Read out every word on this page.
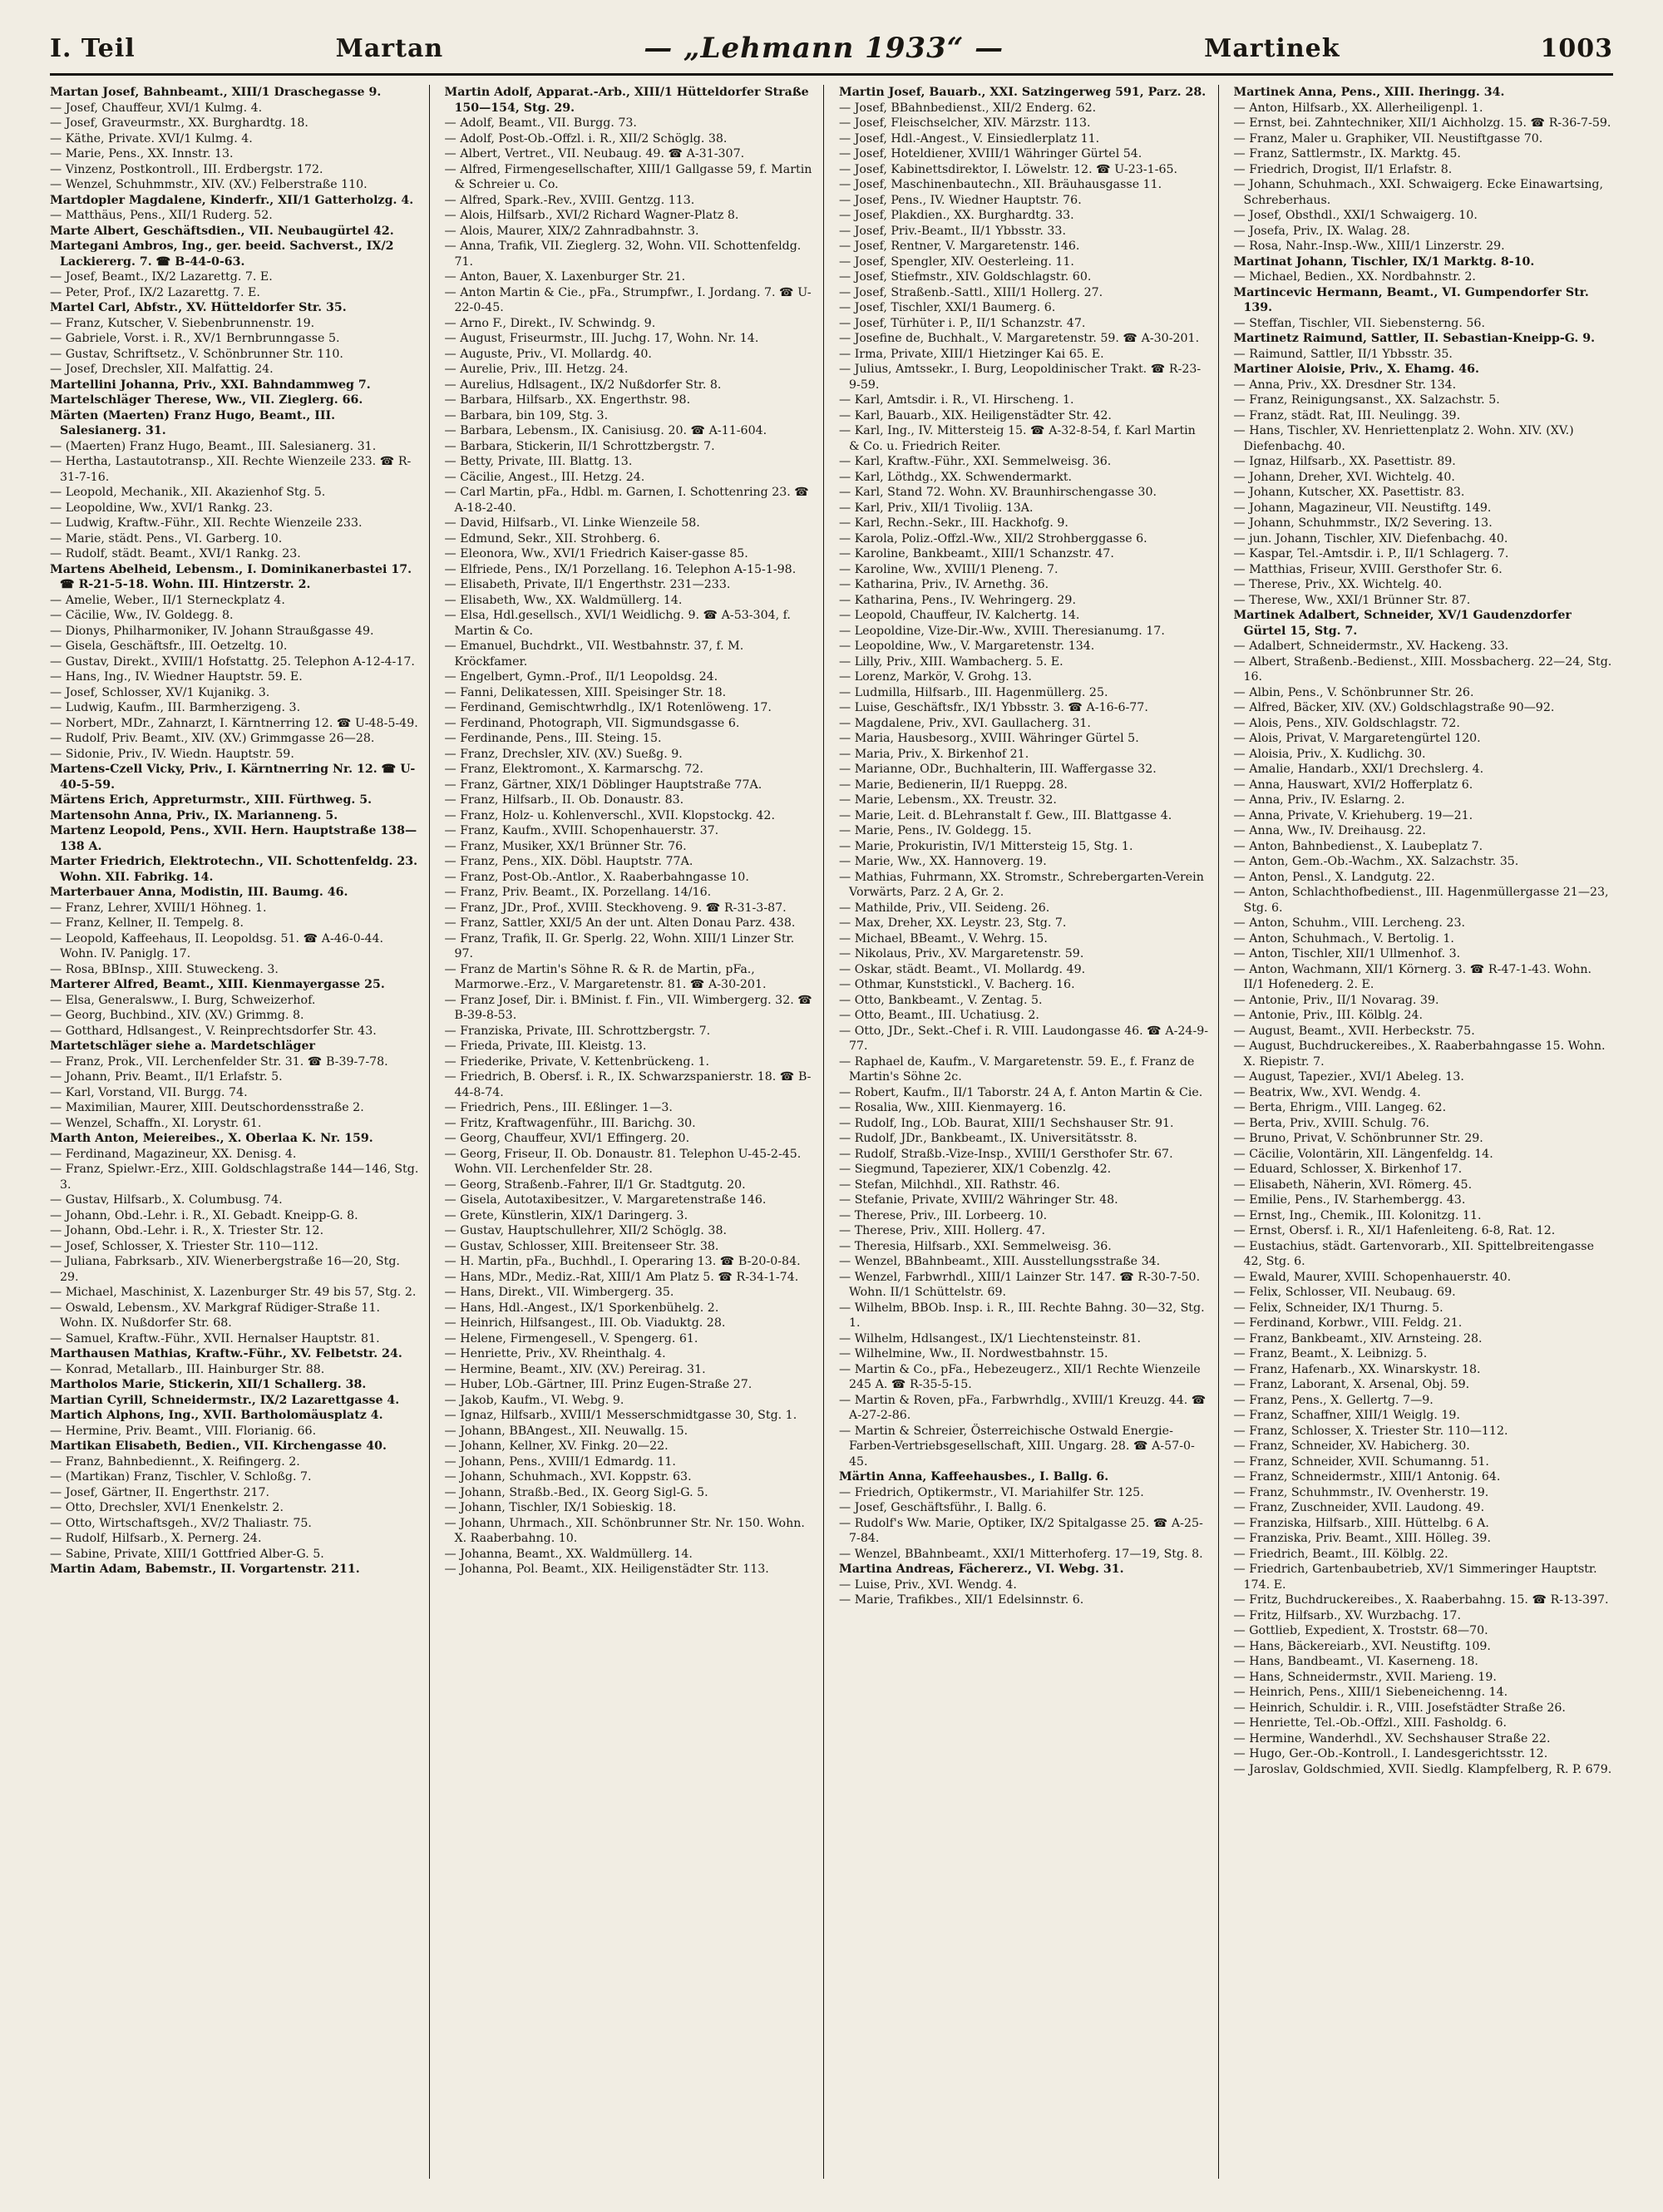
I. Teil	Martan	— „Lehmann 1933“ —	Martinek	1003

Martan Josef, Bahnbeamt., XIII/1 Draschegasse 9.

— Josef, Chauffeur, XVI/1 Kulmg. 4.

— Josef, Graveurmstr., XX. Burghardtg. 18.

— Käthe, Private. XVI/1 Kulmg. 4.

— Marie, Pens., XX. Innstr. 13.

— Vinzenz, Postkontroll., III. Erdbergstr. 172.

— Wenzel, Schuhmmstr., XIV. (XV.) Felberstraße 110.

Martdopler Magdalene, Kinderfr., XII/1 Gatterholzg. 4.

— Matthäus, Pens., XII/1 Ruderg. 52.

Marte Albert, Geschäftsdien., VII. Neubaugürtel 42.

Martegani Ambros, Ing., ger. beeid. Sachverst., IX/2 Lackiererg. 7. ☎ B-44-0-63.

— Josef, Beamt., IX/2 Lazarettg. 7. E.

— Peter, Prof., IX/2 Lazarettg. 7. E.

Martel Carl, Abfstr., XV. Hütteldorfer Str. 35.

— Franz, Kutscher, V. Siebenbrunnenstr. 19.

— Gabriele, Vorst. i. R., XV/1 Bernbrunngasse 5.

— Gustav, Schriftsetz., V. Schönbrunner Str. 110.

— Josef, Drechsler, XII. Malfattig. 24.

Martellini Johanna, Priv., XXI. Bahndammweg 7.

Martelschläger Therese, Ww., VII. Zieglerg. 66.

Märten (Maerten) Franz Hugo, Beamt., III. Salesianerg. 31.

— (Maerten) Franz Hugo, Beamt., III. Salesianerg. 31.

— Hertha, Lastautotransp., XII. Rechte Wienzeile 233. ☎ R-31-7-16.

— Leopold, Mechanik., XII. Akazienhof Stg. 5.

— Leopoldine, Ww., XVI/1 Rankg. 23.

— Ludwig, Kraftw.-Führ., XII. Rechte Wienzeile 233.

— Marie, städt. Pens., VI. Garberg. 10.

— Rudolf, städt. Beamt., XVI/1 Rankg. 23.

Martens Abelheid, Lebensm., I. Dominikanerbastei 17. ☎ R-21-5-18. Wohn. III. Hintzerstr. 2.

— Amelie, Weber., II/1 Sterneckplatz 4.

— Cäcilie, Ww., IV. Goldegg. 8.

— Dionys, Philharmoniker, IV. Johann Straußgasse 49.

— Gisela, Geschäftsfr., III. Oetzeltg. 10.

— Gustav, Direkt., XVIII/1 Hofstattg. 25. Telephon A-12-4-17.

— Hans, Ing., IV. Wiedner Hauptstr. 59. E.

— Josef, Schlosser, XV/1 Kujanikg. 3.

— Ludwig, Kaufm., III. Barmherzigeng. 3.

— Norbert, MDr., Zahnarzt, I. Kärntnerring 12. ☎ U-48-5-49.

— Rudolf, Priv. Beamt., XIV. (XV.) Grimmgasse 26—28.

— Sidonie, Priv., IV. Wiedn. Hauptstr. 59.

Martens-Czell Vicky, Priv., I. Kärntnerring Nr. 12. ☎ U-40-5-59.

Märtens Erich, Appreturmstr., XIII. Fürthweg. 5.

Martensohn Anna, Priv., IX. Marianneng. 5.

Martenz Leopold, Pens., XVII. Hern. Hauptstraße 138—138 A.

Marter Friedrich, Elektrotechn., VII. Schottenfeldg. 23. Wohn. XII. Fabrikg. 14.

Marterbauer Anna, Modistin, III. Baumg. 46.

— Franz, Lehrer, XVIII/1 Höhneg. 1.

— Franz, Kellner, II. Tempelg. 8.

— Leopold, Kaffeehaus, II. Leopoldsg. 51. ☎ A-46-0-44. Wohn. IV. Paniglg. 17.

— Rosa, BBInsp., XIII. Stuweckeng. 3.

Marterer Alfred, Beamt., XIII. Kienmayergasse 25.

— Elsa, Generalsww., I. Burg, Schweizerhof.

— Georg, Buchbind., XIV. (XV.) Grimmg. 8.

— Gotthard, Hdlsangest., V. Reinprechtsdorfer Str. 43.

Martetschläger siehe a. Mardetschläger

— Franz, Prok., VII. Lerchenfelder Str. 31. ☎ B-39-7-78.

— Johann, Priv. Beamt., II/1 Erlafstr. 5.

— Karl, Vorstand, VII. Burgg. 74.

— Maximilian, Maurer, XIII. Deutschordensstraße 2.

— Wenzel, Schaffn., XI. Lorystr. 61.

Marth Anton, Meiereibes., X. Oberlaa K. Nr. 159.

— Ferdinand, Magazineur, XX. Denisg. 4.

— Franz, Spielwr.-Erz., XIII. Goldschlagstraße 144—146, Stg. 3.

— Gustav, Hilfsarb., X. Columbusg. 74.

— Johann, Obd.-Lehr. i. R., XI. Gebadt. Kneipp-G. 8.

— Johann, Obd.-Lehr. i. R., X. Triester Str. 12.

— Josef, Schlosser, X. Triester Str. 110—112.

— Juliana, Fabrksarb., XIV. Wienerbergstraße 16—20, Stg. 29.

— Michael, Maschinist, X. Lazenburger Str. 49 bis 57, Stg. 2.

— Oswald, Lebensm., XV. Markgraf Rüdiger-Straße 11. Wohn. IX. Nußdorfer Str. 68.

— Samuel, Kraftw.-Führ., XVII. Hernalser Hauptstr. 81.

Marthausen Mathias, Kraftw.-Führ., XV. Felbetstr. 24.

— Konrad, Metallarb., III. Hainburger Str. 88.

Martholos Marie, Stickerin, XII/1 Schallerg. 38.

Martian Cyrill, Schneidermstr., IX/2 Lazarettgasse 4.

Martich Alphons, Ing., XVII. Bartholomäusplatz 4.

— Hermine, Priv. Beamt., VIII. Florianig. 66.

Martikan Elisabeth, Bedien., VII. Kirchengasse 40.

— Franz, Bahnbediennt., X. Reifingerg. 2.

— (Martikan) Franz, Tischler, V. Schloßg. 7.

— Josef, Gärtner, II. Engerthstr. 217.

— Otto, Drechsler, XVI/1 Enenkelstr. 2.

— Otto, Wirtschaftsgeh., XV/2 Thaliastr. 75.

— Rudolf, Hilfsarb., X. Pernerg. 24.

— Sabine, Private, XIII/1 Gottfried Alber-G. 5.

Martin Adam, Babemstr., II. Vorgartenstr. 211.

Martin Adolf, Apparat.-Arb., XIII/1 Hütteldorfer Straße 150—154, Stg. 29.

— Adolf, Beamt., VII. Burgg. 73.

— Adolf, Post-Ob.-Offzl. i. R., XII/2 Schöglg. 38.

— Albert, Vertret., VII. Neubaug. 49. ☎ A-31-307.

— Alfred, Firmengesellschafter, XIII/1 Gallgasse 59, f. Martin & Schreier u. Co.

— Alfred, Spark.-Rev., XVIII. Gentzg. 113.

— Alois, Hilfsarb., XVI/2 Richard Wagner-Platz 8.

— Alois, Maurer, XIX/2 Zahnradbahnstr. 3.

— Anna, Trafik, VII. Zieglerg. 32, Wohn. VII. Schottenfeldg. 71.

— Anton, Bauer, X. Laxenburger Str. 21.

— Anton Martin & Cie., pFa., Strumpfwr., I. Jordang. 7. ☎ U-22-0-45.

— Arno F., Direkt., IV. Schwindg. 9.

— August, Friseurmstr., III. Juchg. 17, Wohn. Nr. 14.

— Auguste, Priv., VI. Mollardg. 40.

— Aurelie, Priv., III. Hetzg. 24.

— Aurelius, Hdlsagent., IX/2 Nußdorfer Str. 8.

— Barbara, Hilfsarb., XX. Engerthstr. 98.

— Barbara, bin 109, Stg. 3.

— Barbara, Lebensm., IX. Canisiusg. 20. ☎ A-11-604.

— Barbara, Stickerin, II/1 Schrottzbergstr. 7.

— Betty, Private, III. Blattg. 13.

— Cäcilie, Angest., III. Hetzg. 24.

— Carl Martin, pFa., Hdbl. m. Garnen, I. Schottenring 23. ☎ A-18-2-40.

— David, Hilfsarb., VI. Linke Wienzeile 58.

— Edmund, Sekr., XII. Strohberg. 6.

— Eleonora, Ww., XVI/1 Friedrich Kaiser-gasse 85.

— Elfriede, Pens., IX/1 Porzellang. 16. Telephon A-15-1-98.

— Elisabeth, Private, II/1 Engerthstr. 231—233.

— Elisabeth, Ww., XX. Waldmüllerg. 14.

— Elsa, Hdl.gesellsch., XVI/1 Weidlichg. 9. ☎ A-53-304, f. Martin & Co.

— Emanuel, Buchdrkt., VII. Westbahnstr. 37, f. M. Kröckfamer.

— Engelbert, Gymn.-Prof., II/1 Leopoldsg. 24.

— Fanni, Delikatessen, XIII. Speisinger Str. 18.

— Ferdinand, Gemischtwrhdlg., IX/1 Rotenlöweng. 17.

— Ferdinand, Photograph, VII. Sigmundsgasse 6.

— Ferdinande, Pens., III. Steing. 15.

— Franz, Drechsler, XIV. (XV.) Sueßg. 9.

— Franz, Elektromont., X. Karmarschg. 72.

— Franz, Gärtner, XIX/1 Döblinger Hauptstraße 77A.

— Franz, Hilfsarb., II. Ob. Donaustr. 83.

— Franz, Holz- u. Kohlenverschl., XVII. Klopstockg. 42.

— Franz, Kaufm., XVIII. Schopenhauerstr. 37.

— Franz, Musiker, XX/1 Brünner Str. 76.

— Franz, Pens., XIX. Döbl. Hauptstr. 77A.

— Franz, Post-Ob.-Antlor., X. Raaberbahngasse 10.

— Franz, Priv. Beamt., IX. Porzellang. 14/16.

— Franz, JDr., Prof., XVIII. Steckhoveng. 9. ☎ R-31-3-87.

— Franz, Sattler, XXI/5 An der unt. Alten Donau Parz. 438.

— Franz, Trafik, II. Gr. Sperlg. 22, Wohn. XIII/1 Linzer Str. 97.

— Franz de Martin's Söhne R. & R. de Martin, pFa., Marmorwe.-Erz., V. Margaretenstr. 81. ☎ A-30-201.

— Franz Josef, Dir. i. BMinist. f. Fin., VII. Wimbergerg. 32. ☎ B-39-8-53.

— Franziska, Private, III. Schrottzbergstr. 7.

— Frieda, Private, III. Kleistg. 13.

— Friederike, Private, V. Kettenbrückeng. 1.

— Friedrich, B. Obersf. i. R., IX. Schwarzspanierstr. 18. ☎ B-44-8-74.

— Friedrich, Pens., III. Eßlinger. 1—3.

— Fritz, Kraftwagenführ., III. Barichg. 30.

— Georg, Chauffeur, XVI/1 Effingerg. 20.

— Georg, Friseur, II. Ob. Donaustr. 81. Telephon U-45-2-45. Wohn. VII. Lerchenfelder Str. 28.

— Georg, Straßenb.-Fahrer, II/1 Gr. Stadtgutg. 20.

— Gisela, Autotaxibesitzer., V. Margaretenstraße 146.

— Grete, Künstlerin, XIX/1 Daringerg. 3.

— Gustav, Hauptschullehrer, XII/2 Schöglg. 38.

— Gustav, Schlosser, XIII. Breitenseer Str. 38.

— H. Martin, pFa., Buchhdl., I. Operaring 13. ☎ B-20-0-84.

— Hans, MDr., Mediz.-Rat, XIII/1 Am Platz 5. ☎ R-34-1-74.

— Hans, Direkt., VII. Wimbergerg. 35.

— Hans, Hdl.-Angest., IX/1 Sporkenbühelg. 2.

— Heinrich, Hilfsangest., III. Ob. Viaduktg. 28.

— Helene, Firmengesell., V. Spengerg. 61.

— Henriette, Priv., XV. Rheinthalg. 4.

— Hermine, Beamt., XIV. (XV.) Pereirag. 31.

— Huber, LOb.-Gärtner, III. Prinz Eugen-Straße 27.

— Jakob, Kaufm., VI. Webg. 9.

— Ignaz, Hilfsarb., XVIII/1 Messerschmidtgasse 30, Stg. 1.

— Johann, BBAngest., XII. Neuwallg. 15.

— Johann, Kellner, XV. Finkg. 20—22.

— Johann, Pens., XVIII/1 Edmardg. 11.

— Johann, Schuhmach., XVI. Koppstr. 63.

— Johann, Straßb.-Bed., IX. Georg Sigl-G. 5.

— Johann, Tischler, IX/1 Sobieskig. 18.

— Johann, Uhrmach., XII. Schönbrunner Str. Nr. 150. Wohn. X. Raaberbahng. 10.

— Johanna, Beamt., XX. Waldmüllerg. 14.

— Johanna, Pol. Beamt., XIX. Heiligenstädter Str. 113.

Martin Josef, Bauarb., XXI. Satzingerweg 591, Parz. 28.

— Josef, BBahnbedienst., XII/2 Enderg. 62.

— Josef, Fleischselcher, XIV. Märzstr. 113.

— Josef, Hdl.-Angest., V. Einsiedlerplatz 11.

— Josef, Hoteldiener, XVIII/1 Währinger Gürtel 54.

— Josef, Kabinettsdirektor, I. Löwelstr. 12. ☎ U-23-1-65.

— Josef, Maschinenbautechn., XII. Bräuhausgasse 11.

— Josef, Pens., IV. Wiedner Hauptstr. 76.

— Josef, Plakdien., XX. Burghardtg. 33.

— Josef, Priv.-Beamt., II/1 Ybbsstr. 33.

— Josef, Rentner, V. Margaretenstr. 146.

— Josef, Spengler, XIV. Oesterleing. 11.

— Josef, Stiefmstr., XIV. Goldschlagstr. 60.

— Josef, Straßenb.-Sattl., XIII/1 Hollerg. 27.

— Josef, Tischler, XXI/1 Baumerg. 6.

— Josef, Türhüter i. P., II/1 Schanzstr. 47.

— Josefine de, Buchhalt., V. Margaretenstr. 59. ☎ A-30-201.

— Irma, Private, XIII/1 Hietzinger Kai 65. E.

— Julius, Amtssekr., I. Burg, Leopoldinischer Trakt. ☎ R-23-9-59.

— Karl, Amtsdir. i. R., VI. Hirscheng. 1.

— Karl, Bauarb., XIX. Heiligenstädter Str. 42.

— Karl, Ing., IV. Mittersteig 15. ☎ A-32-8-54, f. Karl Martin & Co. u. Friedrich Reiter.

— Karl, Kraftw.-Führ., XXI. Semmelweisg. 36.

— Karl, Löthdg., XX. Schwendermarkt.

— Karl, Stand 72. Wohn. XV. Braunhirschengasse 30.

— Karl, Priv., XII/1 Tivoliig. 13A.

— Karl, Rechn.-Sekr., III. Hackhofg. 9.

— Karola, Poliz.-Offzl.-Ww., XII/2 Strohberggasse 6.

— Karoline, Bankbeamt., XIII/1 Schanzstr. 47.

— Karoline, Ww., XVIII/1 Pleneng. 7.

— Katharina, Priv., IV. Arnethg. 36.

— Katharina, Pens., IV. Wehringerg. 29.

— Leopold, Chauffeur, IV. Kalchertg. 14.

— Leopoldine, Vize-Dir.-Ww., XVIII. Theresianumg. 17.

— Leopoldine, Ww., V. Margaretenstr. 134.

— Lilly, Priv., XIII. Wambacherg. 5. E.

— Lorenz, Markör, V. Grohg. 13.

— Ludmilla, Hilfsarb., III. Hagenmüllerg. 25.

— Luise, Geschäftsfr., IX/1 Ybbsstr. 3. ☎ A-16-6-77.

— Magdalene, Priv., XVI. Gaullacherg. 31.

— Maria, Hausbesorg., XVIII. Währinger Gürtel 5.

— Maria, Priv., X. Birkenhof 21.

— Marianne, ODr., Buchhalterin, III. Waffergasse 32.

— Marie, Bedienerin, II/1 Rueppg. 28.

— Marie, Lebensm., XX. Treustr. 32.

— Marie, Leit. d. BLehranstalt f. Gew., III. Blattgasse 4.

— Marie, Pens., IV. Goldegg. 15.

— Marie, Prokuristin, IV/1 Mittersteig 15, Stg. 1.

— Marie, Ww., XX. Hannoverg. 19.

— Mathias, Fuhrmann, XX. Stromstr., Schrebergarten-Verein Vorwärts, Parz. 2 A, Gr. 2.

— Mathilde, Priv., VII. Seideng. 26.

— Max, Dreher, XX. Leystr. 23, Stg. 7.

— Michael, BBeamt., V. Wehrg. 15.

— Nikolaus, Priv., XV. Margaretenstr. 59.

— Oskar, städt. Beamt., VI. Mollardg. 49.

— Othmar, Kunststickl., V. Bacherg. 16.

— Otto, Bankbeamt., V. Zentag. 5.

— Otto, Beamt., III. Uchatiusg. 2.

— Otto, JDr., Sekt.-Chef i. R. VIII. Laudongasse 46. ☎ A-24-9-77.

— Raphael de, Kaufm., V. Margaretenstr. 59. E., f. Franz de Martin's Söhne 2c.

— Robert, Kaufm., II/1 Taborstr. 24 A, f. Anton Martin & Cie.

— Rosalia, Ww., XIII. Kienmayerg. 16.

— Rudolf, Ing., LOb. Baurat, XIII/1 Sechshauser Str. 91.

— Rudolf, JDr., Bankbeamt., IX. Universitätsstr. 8.

— Rudolf, Straßb.-Vize-Insp., XVIII/1 Gersthofer Str. 67.

— Siegmund, Tapezierer, XIX/1 Cobenzlg. 42.

— Stefan, Milchhdl., XII. Rathstr. 46.

— Stefanie, Private, XVIII/2 Währinger Str. 48.

— Therese, Priv., III. Lorbeerg. 10.

— Therese, Priv., XIII. Hollerg. 47.

— Theresia, Hilfsarb., XXI. Semmelweisg. 36.

— Wenzel, BBahnbeamt., XIII. Ausstellungsstraße 34.

— Wenzel, Farbwrhdl., XIII/1 Lainzer Str. 147. ☎ R-30-7-50. Wohn. II/1 Schüttelstr. 69.

— Wilhelm, BBOb. Insp. i. R., III. Rechte Bahng. 30—32, Stg. 1.

— Wilhelm, Hdlsangest., IX/1 Liechtensteinstr. 81.

— Wilhelmine, Ww., II. Nordwestbahnstr. 15.

— Martin & Co., pFa., Hebezeugerz., XII/1 Rechte Wienzeile 245 A. ☎ R-35-5-15.

— Martin & Roven, pFa., Farbwrhdlg., XVIII/1 Kreuzg. 44. ☎ A-27-2-86.

— Martin & Schreier, Österreichische Ostwald Energie-Farben-Vertriebsgesellschaft, XIII. Ungarg. 28. ☎ A-57-0-45.

Märtin Anna, Kaffeehausbes., I. Ballg. 6.

— Friedrich, Optikermstr., VI. Mariahilfer Str. 125.

— Josef, Geschäftsführ., I. Ballg. 6.

— Rudolf's Ww. Marie, Optiker, IX/2 Spitalgasse 25. ☎ A-25-7-84.

— Wenzel, BBahnbeamt., XXI/1 Mitterhoferg. 17—19, Stg. 8.

Martina Andreas, Fächererz., VI. Webg. 31.

— Luise, Priv., XVI. Wendg. 4.

— Marie, Trafikbes., XII/1 Edelsinnstr. 6.

Martinek Anna, Pens., XIII. Iheringg. 34.

— Anton, Hilfsarb., XX. Allerheiligenpl. 1.

— Ernst, bei. Zahntechniker, XII/1 Aichholzg. 15. ☎ R-36-7-59.

— Franz, Maler u. Graphiker, VII. Neustiftgasse 70.

— Franz, Sattlermstr., IX. Marktg. 45.

— Friedrich, Drogist, II/1 Erlafstr. 8.

— Johann, Schuhmach., XXI. Schwaigerg. Ecke Einawartsing, Schreberhaus.

— Josef, Obsthdl., XXI/1 Schwaigerg. 10.

— Josefa, Priv., IX. Walag. 28.

— Rosa, Nahr.-Insp.-Ww., XIII/1 Linzerstr. 29.

Martinat Johann, Tischler, IX/1 Marktg. 8-10.

— Michael, Bedien., XX. Nordbahnstr. 2.

Martincevic Hermann, Beamt., VI. Gumpendorfer Str. 139.

— Steffan, Tischler, VII. Siebensterng. 56.

Martinetz Raimund, Sattler, II. Sebastian-Kneipp-G. 9.

— Raimund, Sattler, II/1 Ybbsstr. 35.

Martiner Aloisie, Priv., X. Ehamg. 46.

— Anna, Priv., XX. Dresdner Str. 134.

— Franz, Reinigungsanst., XX. Salzachstr. 5.

— Franz, städt. Rat, III. Neulingg. 39.

— Hans, Tischler, XV. Henriettenplatz 2. Wohn. XIV. (XV.) Diefenbachg. 40.

— Ignaz, Hilfsarb., XX. Pasettistr. 89.

— Johann, Dreher, XVI. Wichtelg. 40.

— Johann, Kutscher, XX. Pasettistr. 83.

— Johann, Magazineur, VII. Neustiftg. 149.

— Johann, Schuhmmstr., IX/2 Severing. 13.

— jun. Johann, Tischler, XIV. Diefenbachg. 40.

— Kaspar, Tel.-Amtsdir. i. P., II/1 Schlagerg. 7.

— Matthias, Friseur, XVIII. Gersthofer Str. 6.

— Therese, Priv., XX. Wichtelg. 40.

— Therese, Ww., XXI/1 Brünner Str. 87.

Martinek Adalbert, Schneider, XV/1 Gaudenzdorfer Gürtel 15, Stg. 7.

— Adalbert, Schneidermstr., XV. Hackeng. 33.

— Albert, Straßenb.-Bedienst., XIII. Mossbacherg. 22—24, Stg. 16.

— Albin, Pens., V. Schönbrunner Str. 26.

— Alfred, Bäcker, XIV. (XV.) Goldschlagstraße 90—92.

— Alois, Pens., XIV. Goldschlagstr. 72.

— Alois, Privat, V. Margaretengürtel 120.

— Aloisia, Priv., X. Kudlichg. 30.

— Amalie, Handarb., XXI/1 Drechslerg. 4.

— Anna, Hauswart, XVI/2 Hofferplatz 6.

— Anna, Priv., IV. Eslarng. 2.

— Anna, Private, V. Kriehuberg. 19—21.

— Anna, Ww., IV. Dreihausg. 22.

— Anton, Bahnbedienst., X. Laubeplatz 7.

— Anton, Gem.-Ob.-Wachm., XX. Salzachstr. 35.

— Anton, Pensl., X. Landgutg. 22.

— Anton, Schlachthofbedienst., III. Hagenmüllergasse 21—23, Stg. 6.

— Anton, Schuhm., VIII. Lercheng. 23.

— Anton, Schuhmach., V. Bertolig. 1.

— Anton, Tischler, XII/1 Ullmenhof. 3.

— Anton, Wachmann, XII/1 Körnerg. 3. ☎ R-47-1-43. Wohn. II/1 Hofenederg. 2. E.

— Antonie, Priv., II/1 Novarag. 39.

— Antonie, Priv., III. Kölblg. 24.

— August, Beamt., XVII. Herbeckstr. 75.

— August, Buchdruckereibes., X. Raaberbahngasse 15. Wohn. X. Riepistr. 7.

— August, Tapezier., XVI/1 Abeleg. 13.

— Beatrix, Ww., XVI. Wendg. 4.

— Berta, Ehrigm., VIII. Langeg. 62.

— Berta, Priv., XVIII. Schulg. 76.

— Bruno, Privat, V. Schönbrunner Str. 29.

— Cäcilie, Volontärin, XII. Längenfeldg. 14.

— Eduard, Schlosser, X. Birkenhof 17.

— Elisabeth, Näherin, XVI. Römerg. 45.

— Emilie, Pens., IV. Starhembergg. 43.

— Ernst, Ing., Chemik., III. Kolonitzg. 11.

— Ernst, Obersf. i. R., XI/1 Hafenleiteng. 6-8, Rat. 12.

— Eustachius, städt. Gartenvorarb., XII. Spittelbreitengasse 42, Stg. 6.

— Ewald, Maurer, XVIII. Schopenhauerstr. 40.

— Felix, Schlosser, VII. Neubaug. 69.

— Felix, Schneider, IX/1 Thurng. 5.

— Ferdinand, Korbwr., VIII. Feldg. 21.

— Franz, Bankbeamt., XIV. Arnsteing. 28.

— Franz, Beamt., X. Leibnizg. 5.

— Franz, Hafenarb., XX. Winarskystr. 18.

— Franz, Laborant, X. Arsenal, Obj. 59.

— Franz, Pens., X. Gellertg. 7—9.

— Franz, Schaffner, XIII/1 Weiglg. 19.

— Franz, Schlosser, X. Triester Str. 110—112.

— Franz, Schneider, XV. Habicherg. 30.

— Franz, Schneider, XVII. Schumanng. 51.

— Franz, Schneidermstr., XIII/1 Antonig. 64.

— Franz, Schuhmmstr., IV. Ovenherstr. 19.

— Franz, Zuschneider, XVII. Laudong. 49.

— Franziska, Hilfsarb., XIII. Hüttelbg. 6 A.

— Franziska, Priv. Beamt., XIII. Hölleg. 39.

— Friedrich, Beamt., III. Kölblg. 22.

— Friedrich, Gartenbaubetrieb, XV/1 Simmeringer Hauptstr. 174. E.

— Fritz, Buchdruckereibes., X. Raaberbahng. 15. ☎ R-13-397.

— Fritz, Hilfsarb., XV. Wurzbachg. 17.

— Gottlieb, Expedient, X. Troststr. 68—70.

— Hans, Bäckereiarb., XVI. Neustiftg. 109.

— Hans, Bandbeamt., VI. Kaserneng. 18.

— Hans, Schneidermstr., XVII. Marieng. 19.

— Heinrich, Pens., XIII/1 Siebeneichenng. 14.

— Heinrich, Schuldir. i. R., VIII. Josefstädter Straße 26.

— Henriette, Tel.-Ob.-Offzl., XIII. Fasholdg. 6.

— Hermine, Wanderhdl., XV. Sechshauser Straße 22.

— Hugo, Ger.-Ob.-Kontroll., I. Landesgerichtsstr. 12.

— Jaroslav, Goldschmied, XVII. Siedlg. Klampfelberg, R. P. 679.
